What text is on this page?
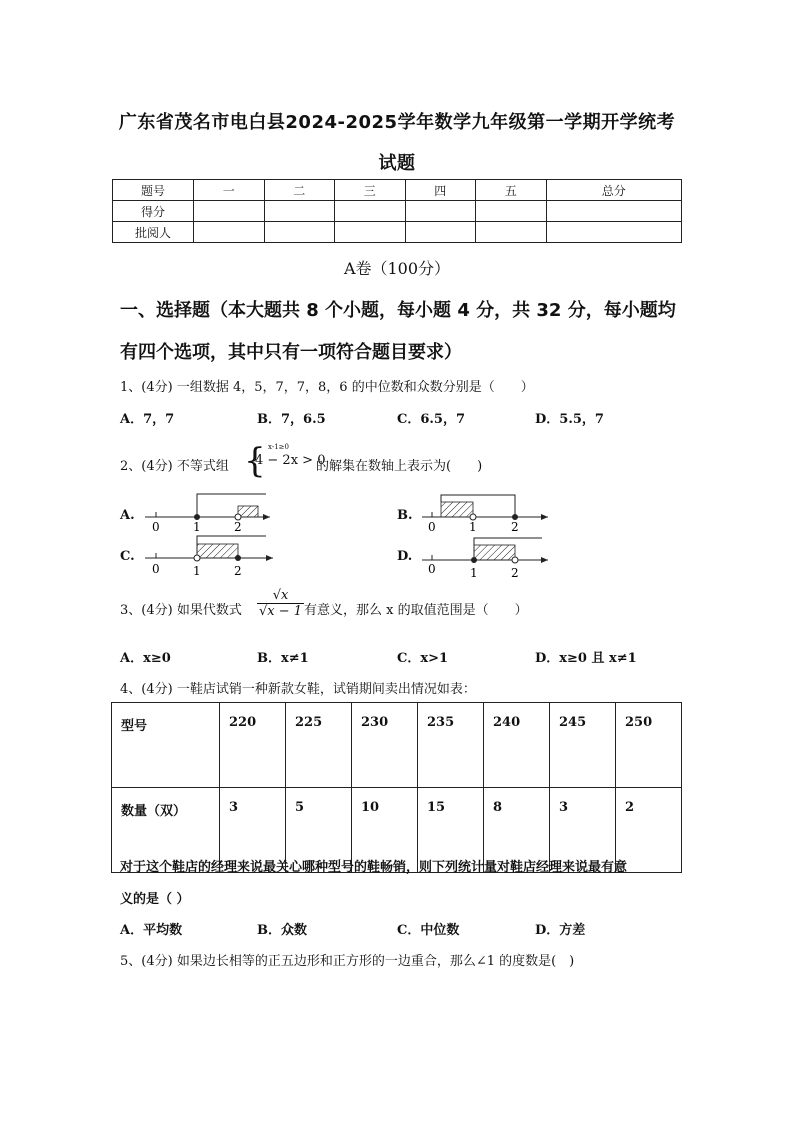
广东省茂名市电白县2024-2025学年数学九年级第一学期开学统考
试题
题号	一	二	三	四	五	总分
得分						
批阅人						
A卷（100分）
一、选择题（本大题共 8 个小题，每小题 4 分，共 32 分，每小题均
有四个选项，其中只有一项符合题目要求）
1、(4分) 一组数据 4，5，7，7，8，6 的中位数和众数分别是（　　）
A．7，7	B．7，6.5	C．6.5，7	D．5.5，7
2、(4分) 不等式组 { x-1≥0
4 − 2x > 0
的解集在数轴上表示为(　　)
A.	B.
C.	D.
0	1	2	0	1	2
0	1	2	0	1	2
3、(4分) 如果代数式 $\frac{√x}{√x - 1}$ 有意义，那么 x 的取值范围是（　　）
A．x≥0	B．x≠1	C．x>1	D．x≥0 且 x≠1
4、(4分) 一鞋店试销一种新款女鞋，试销期间卖出情况如表：
型号	220	225	230	235	240	245	250
数量（双）	3	5	10	15	8	3	2
对于这个鞋店的经理来说最关心哪种型号的鞋畅销，则下列统计量对鞋店经理来说最有意
义的是（ ）
A．平均数	B．众数	C．中位数	D．方差
5、(4分) 如果边长相等的正五边形和正方形的一边重合，那么∠1 的度数是(　)
